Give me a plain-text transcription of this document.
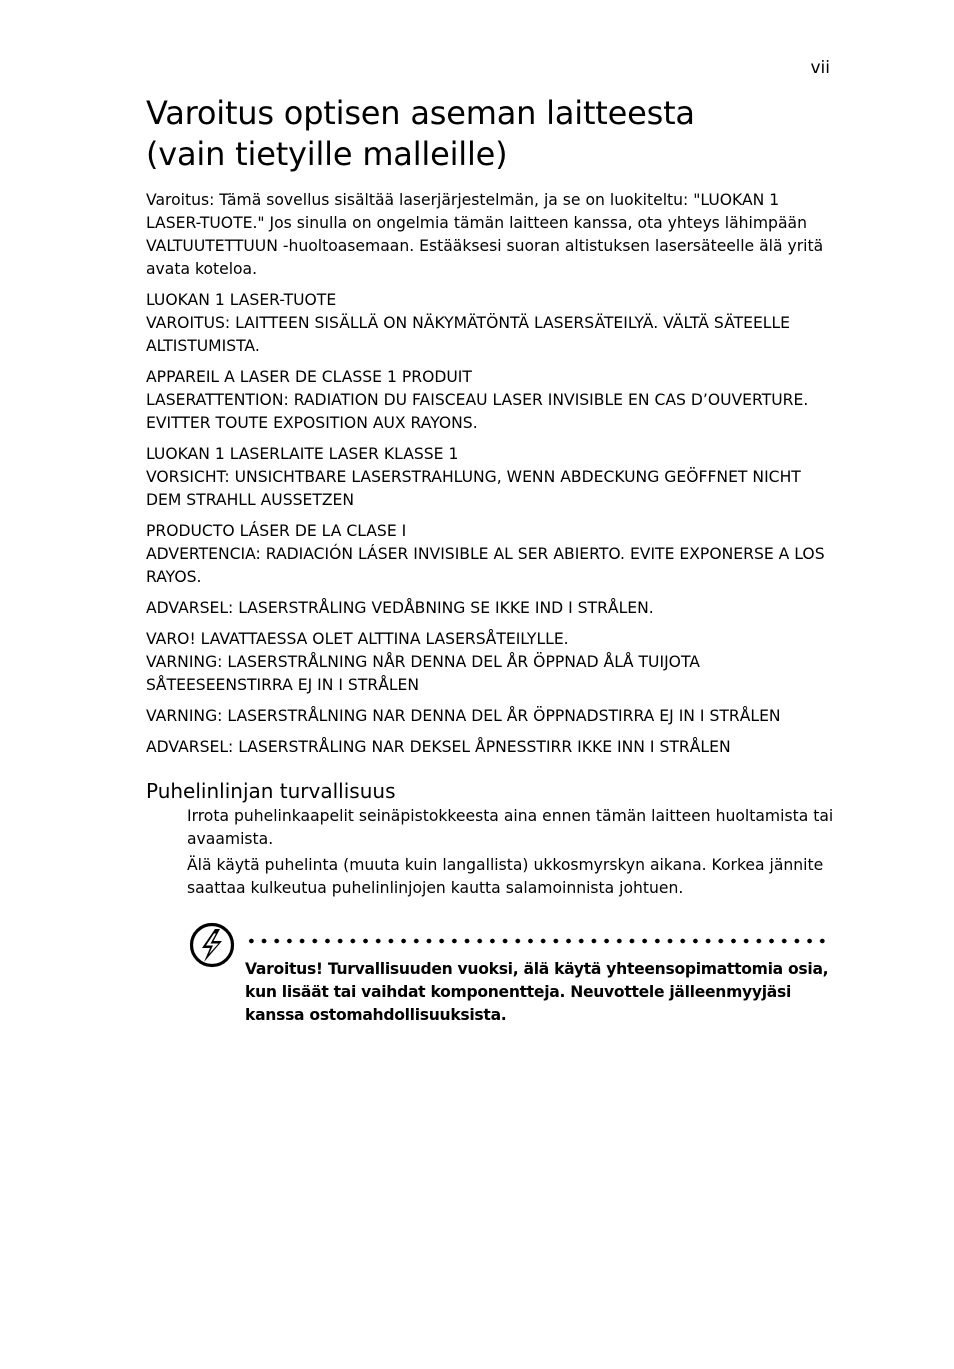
vii
Varoitus optisen aseman laitteesta
(vain tietyille malleille)

Varoitus: Tämä sovellus sisältää laserjärjestelmän, ja se on luokiteltu: "LUOKAN 1 LASER-TUOTE." Jos sinulla on ongelmia tämän laitteen kanssa, ota yhteys lähimpään VALTUUTETTUUN -huoltoasemaan. Estääksesi suoran altistuksen lasersäteelle älä yritä avata koteloa.

LUOKAN 1 LASER-TUOTE
VAROITUS: LAITTEEN SISÄLLÄ ON NÄKYMÄTÖNTÄ LASERSÄTEILYÄ. VÄLTÄ SÄTEELLE ALTISTUMISTA.

APPAREIL A LASER DE CLASSE 1 PRODUIT
LASERATTENTION: RADIATION DU FAISCEAU LASER INVISIBLE EN CAS D’OUVERTURE. EVITTER TOUTE EXPOSITION AUX RAYONS.

LUOKAN 1 LASERLAITE LASER KLASSE 1
VORSICHT: UNSICHTBARE LASERSTRAHLUNG, WENN ABDECKUNG GEÖFFNET NICHT DEM STRAHLL AUSSETZEN

PRODUCTO LÁSER DE LA CLASE I
ADVERTENCIA: RADIACIÓN LÁSER INVISIBLE AL SER ABIERTO. EVITE EXPONERSE A LOS RAYOS.

ADVARSEL: LASERSTRÅLING VEDÅBNING SE IKKE IND I STRÅLEN.

VARO! LAVATTAESSA OLET ALTTINA LASERSÅTEILYLLE.
VARNING: LASERSTRÅLNING NÅR DENNA DEL ÅR ÖPPNAD ÅLÅ TUIJOTA SÅTEESEENSTIRRA EJ IN I STRÅLEN

VARNING: LASERSTRÅLNING NAR DENNA DEL ÅR ÖPPNADSTIRRA EJ IN I STRÅLEN

ADVARSEL: LASERSTRÅLING NAR DEKSEL ÅPNESSTIRR IKKE INN I STRÅLEN

Puhelinlinjan turvallisuus

Irrota puhelinkaapelit seinäpistokkeesta aina ennen tämän laitteen huoltamista tai avaamista.

Älä käytä puhelinta (muuta kuin langallista) ukkosmyrskyn aikana. Korkea jännite saattaa kulkeutua puhelinlinjojen kautta salamoinnista johtuen.

Varoitus! Turvallisuuden vuoksi, älä käytä yhteensopimattomia osia, kun lisäät tai vaihdat komponentteja. Neuvottele jälleenmyyjäsi kanssa ostomahdollisuuksista.
